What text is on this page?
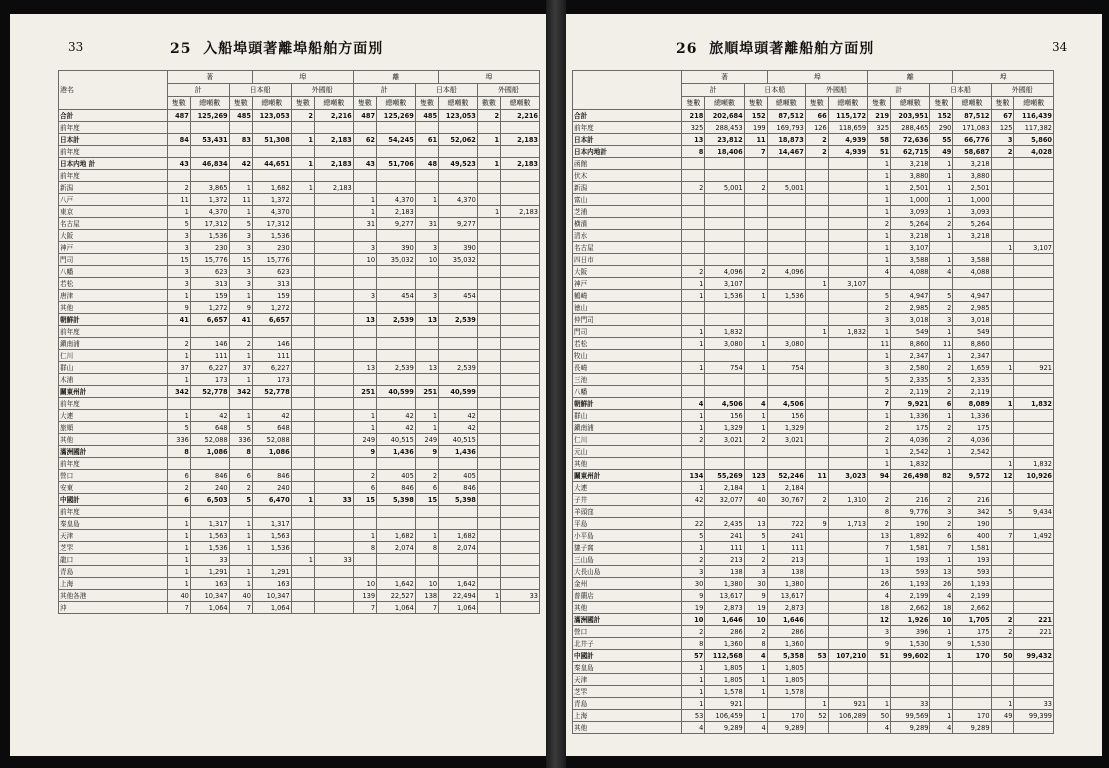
33	25 入船埠頭著離埠船舶方面別
港名	著			埠			離			埠		
	計		日本船		外國船		計		日本船		外國船	
	隻數	總噸數	隻數	總噸數	隻數	總噸數	隻數	總噸數	隻數	總噸數	數數	總噸數
合計	487	125,269	485	123,053	2	2,216	487	125,269	485	123,053	2	2,216
前年度												
日本計	84	53,431	83	51,308	1	2,183	62	54,245	61	52,062	1	2,183
前年度												
日本内地 計	43	46,834	42	44,651	1	2,183	43	51,706	48	49,523	1	2,183
前年度												
新潟	2	3,865	1	1,682	1	2,183						
八戸	11	1,372	11	1,372			1	4,370	1	4,370		
東京	1	4,370	1	4,370			1	2,183			1	2,183
名古屋	5	17,312	5	17,312			31	9,277	31	9,277		
大阪	3	1,536	3	1,536								
神戸	3	230	3	230			3	390	3	390		
門司	15	15,776	15	15,776			10	35,032	10	35,032		
八幡	3	623	3	623								
若松	3	313	3	313								
唐津	1	159	1	159			3	454	3	454		
其他	9	1,272	9	1,272								
朝鮮計	41	6,657	41	6,657			13	2,539	13	2,539		
前年度												
鎭南浦	2	146	2	146								
仁川	1	111	1	111								
群山	37	6,227	37	6,227			13	2,539	13	2,539		
木浦	1	173	1	173								
關東州計	342	52,778	342	52,778			251	40,599	251	40,599		
前年度												
大連	1	42	1	42			1	42	1	42		
旅順	5	648	5	648			1	42	1	42		
其他	336	52,088	336	52,088			249	40,515	249	40,515		
滿洲國計	8	1,086	8	1,086			9	1,436	9	1,436		
前年度												
營口	6	846	6	846			2	405	2	405		
安東	2	240	2	240			6	846	6	846		
中國計	6	6,503	5	6,470	1	33	15	5,398	15	5,398		
前年度												
秦皇島	1	1,317	1	1,317								
天津	1	1,563	1	1,563			1	1,682	1	1,682		
芝罘	1	1,536	1	1,536			8	2,074	8	2,074		
龍口	1	33			1	33						
青島	1	1,291	1	1,291								
上海	1	163	1	163			10	1,642	10	1,642		
其他各港	40	10,347	40	10,347			139	22,527	138	22,494	1	33
沖	7	1,064	7	1,064			7	1,064	7	1,064		
26 旅順埠頭著離船舶方面別	34
	著			埠			離			埠		
	計		日本船		外國船		計		日本船		外國船	
	隻數	總噸數	隻數	總噸數	隻數	總噸數	隻數	總噸數	隻數	總噸數	隻數	總噸數
合計	218	202,684	152	87,512	66	115,172	219	203,951	152	87,512	67	116,439
前年度	325	288,453	199	169,793	126	118,659	325	288,465	290	171,083	125	117,382
日本計	13	23,812	11	18,873	2	4,939	58	72,636	55	66,776	3	5,860
日本内地計	8	18,406	7	14,467	2	4,939	51	62,715	49	58,687	2	4,028
函館							1	3,218	1	3,218		
伏木							1	3,880	1	3,880		
新潟	2	5,001	2	5,001			1	2,501	1	2,501		
富山							1	1,000	1	1,000		
芝浦							1	3,093	1	3,093		
横濱							2	5,264	2	5,264		
清水							1	3,218	1	3,218		
名古屋							1	3,107			1	3,107
四日市							1	3,588	1	3,588		
大阪	2	4,096	2	4,096			4	4,088	4	4,088		
神戸	1	3,107			1	3,107						
鶴崎	1	1,536	1	1,536			5	4,947	5	4,947		
徳山							2	2,985	2	2,985		
仲門司							3	3,018	3	3,018		
門司	1	1,832			1	1,832	1	549	1	549		
若松	1	3,080	1	3,080			11	8,860	11	8,860		
牧山							1	2,347	1	2,347		
長崎	1	754	1	754			3	2,580	2	1,659	1	921
三池							5	2,335	5	2,335		
八幡							2	2,119	2	2,119		
朝鮮計	4	4,506	4	4,506			7	9,921	6	8,089	1	1,832
群山	1	156	1	156			1	1,336	1	1,336		
鎭南浦	1	1,329	1	1,329			2	175	2	175		
仁川	2	3,021	2	3,021			2	4,036	2	4,036		
元山							1	2,542	1	2,542		
其他							1	1,832			1	1,832
關東州計	134	55,269	123	52,246	11	3,023	94	26,498	82	9,572	12	10,926
大連	1	2,184	1	2,184								
子井	42	32,077	40	30,767	2	1,310	2	216	2	216		
羊頭窪							8	9,776	3	342	5	9,434
平島	22	2,435	13	722	9	1,713	2	190	2	190		
小平島	5	241	5	241			13	1,892	6	400	7	1,492
貔子窩	1	111	1	111			7	1,581	7	1,581		
三山島	2	213	2	213			1	193	1	193		
大長山島	3	138	3	138			13	593	13	593		
金州	30	1,380	30	1,380			26	1,193	26	1,193		
普蘭店	9	13,617	9	13,617			4	2,199	4	2,199		
其他	19	2,873	19	2,873			18	2,662	18	2,662		
滿洲國計	10	1,646	10	1,646			12	1,926	10	1,705	2	221
營口	2	286	2	286			3	396	1	175	2	221
北井子	8	1,360	8	1,360			9	1,530	9	1,530		
中國計	57	112,568	4	5,358	53	107,210	51	99,602	1	170	50	99,432
秦皇島	1	1,805	1	1,805								
天津	1	1,805	1	1,805								
芝罘	1	1,578	1	1,578								
青島	1	921			1	921	1	33			1	33
上海	53	106,459	1	170	52	106,289	50	99,569	1	170	49	99,399
其他	4	9,289	4	9,289			4	9,289	4	9,289		
